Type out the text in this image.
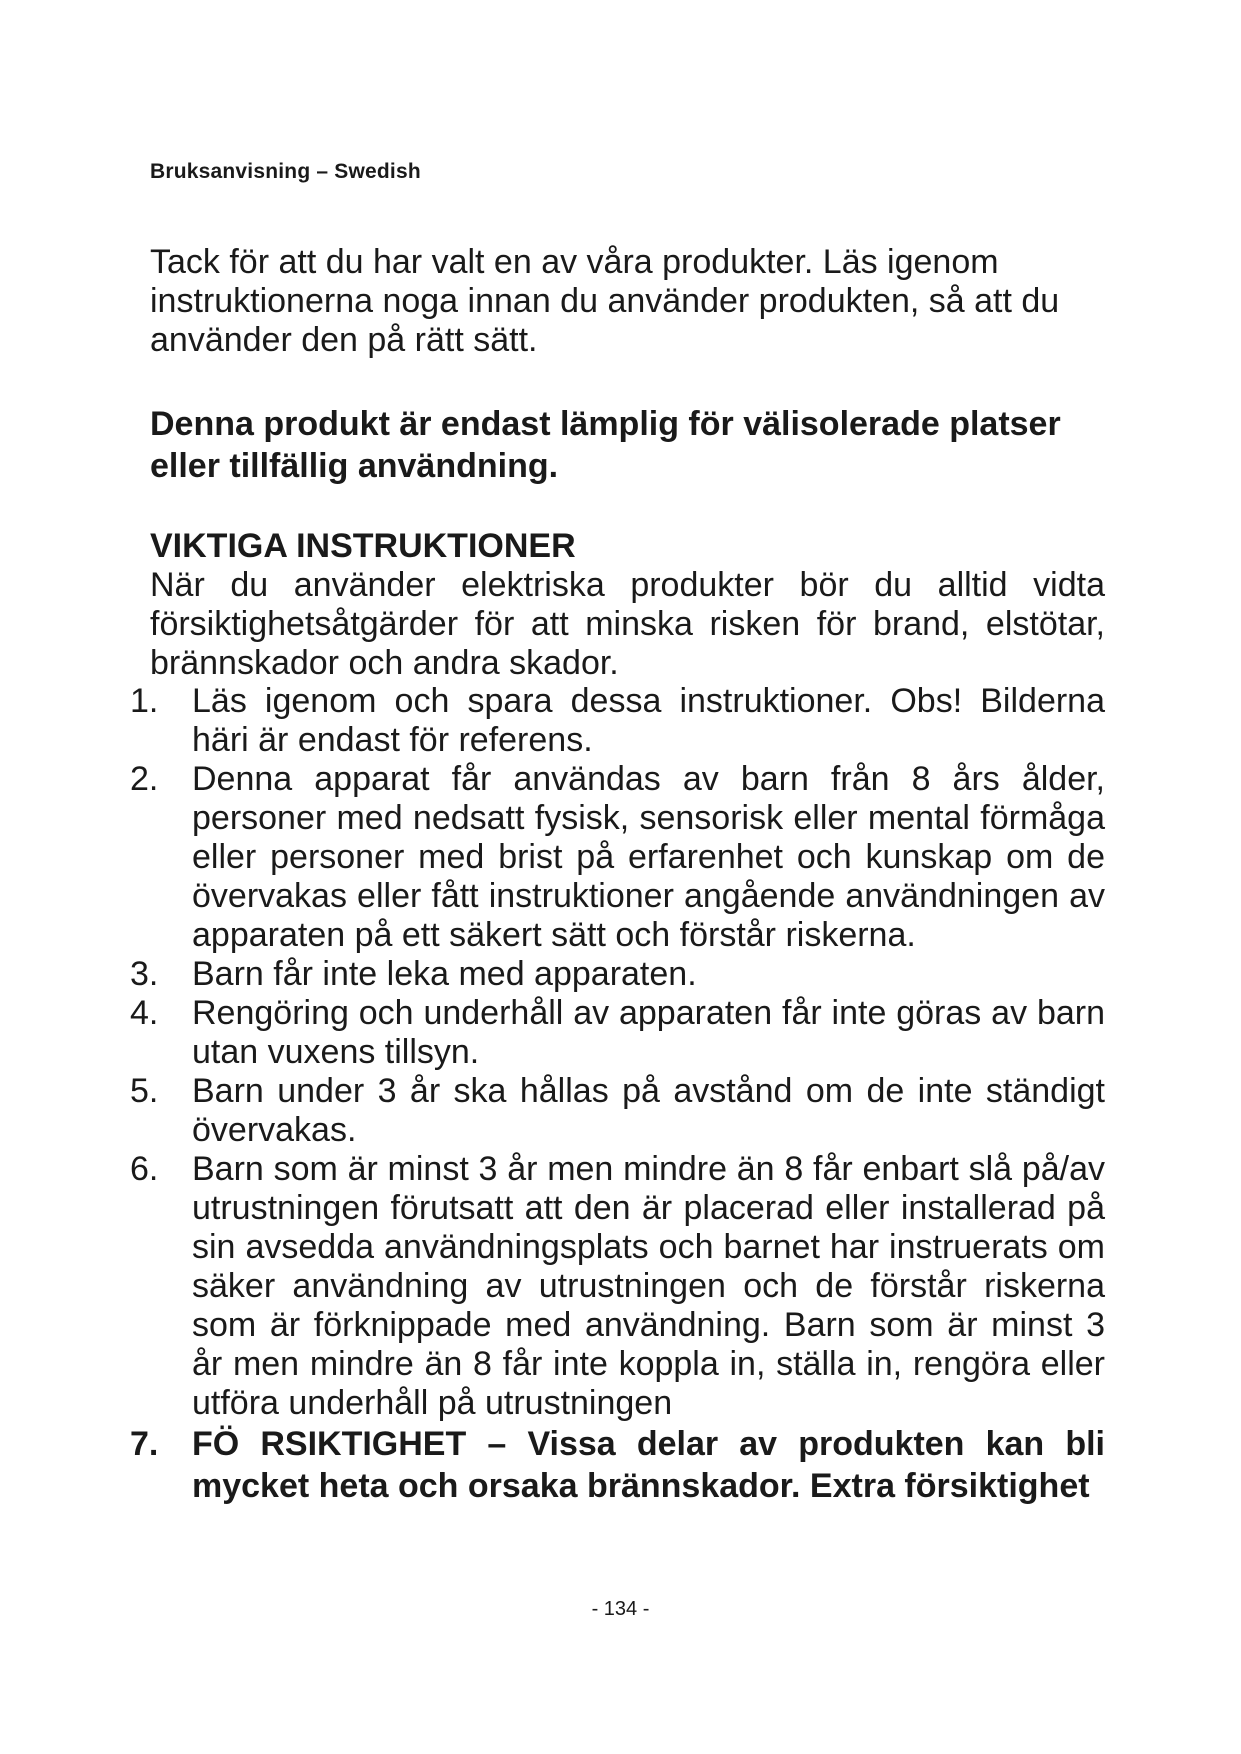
Bruksanvisning – Swedish
Tack för att du har valt en av våra produkter. Läs igenom instruktionerna noga innan du använder produkten, så att du använder den på rätt sätt.
Denna produkt är endast lämplig för välisolerade platser eller tillfällig användning.
VIKTIGA INSTRUKTIONER
När du använder elektriska produkter bör du alltid vidta försiktighetsåtgärder för att minska risken för brand, elstötar, brännskador och andra skador.
1. Läs igenom och spara dessa instruktioner. Obs! Bilderna häri är endast för referens.
2. Denna apparat får användas av barn från 8 års ålder, personer med nedsatt fysisk, sensorisk eller mental förmåga eller personer med brist på erfarenhet och kunskap om de övervakas eller fått instruktioner angående användningen av apparaten på ett säkert sätt och förstår riskerna.
3. Barn får inte leka med apparaten.
4. Rengöring och underhåll av apparaten får inte göras av barn utan vuxens tillsyn.
5. Barn under 3 år ska hållas på avstånd om de inte ständigt övervakas.
6. Barn som är minst 3 år men mindre än 8 får enbart slå på/av utrustningen förutsatt att den är placerad eller installerad på sin avsedda användningsplats och barnet har instruerats om säker användning av utrustningen och de förstår riskerna som är förknippade med användning. Barn som är minst 3 år men mindre än 8 får inte koppla in, ställa in, rengöra eller utföra underhåll på utrustningen
7. FÖ RSIKTIGHET – Vissa delar av produkten kan bli mycket heta och orsaka brännskador. Extra försiktighet
- 134 -
